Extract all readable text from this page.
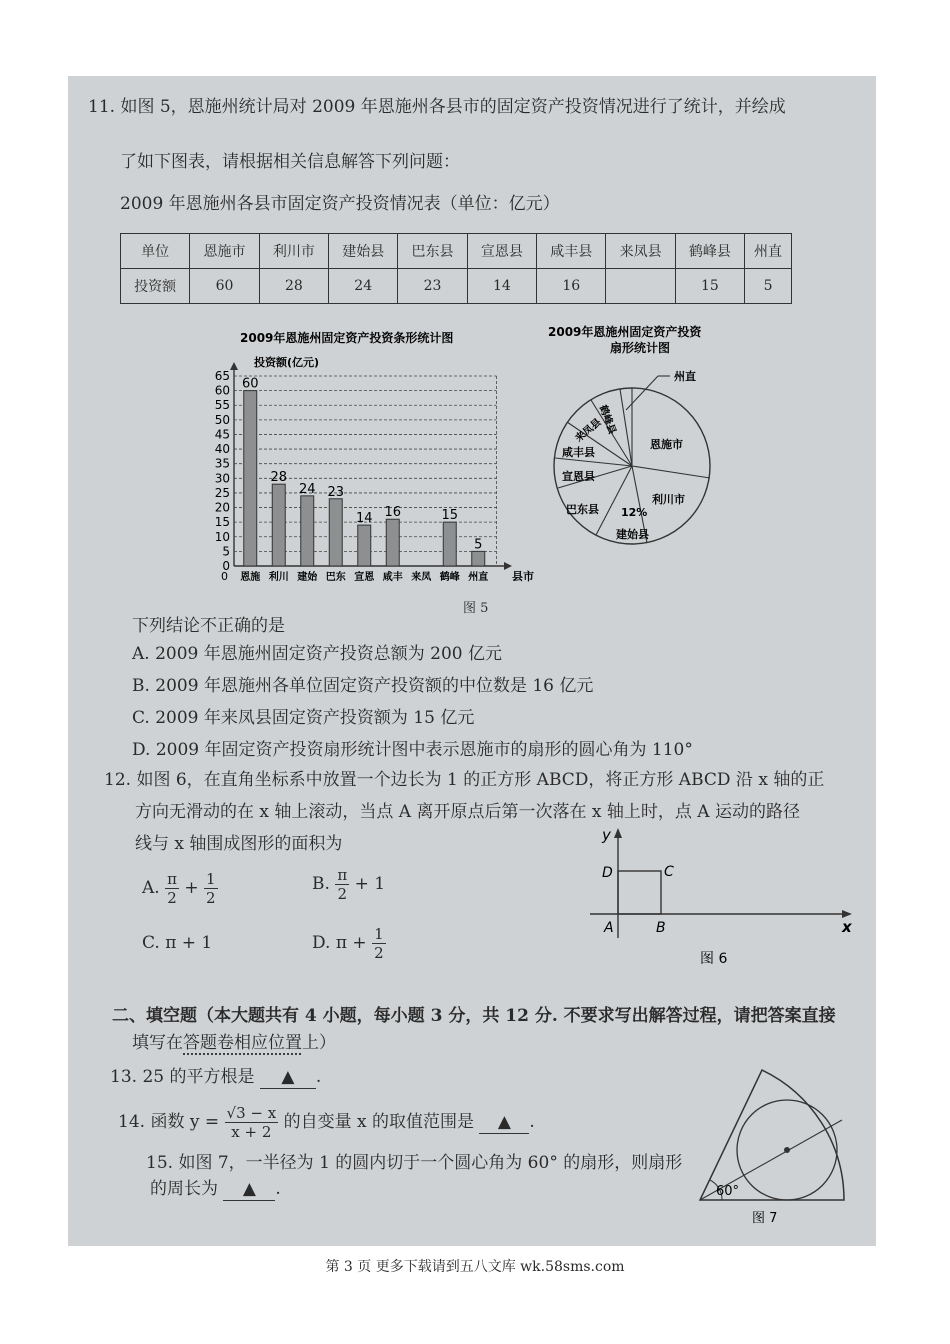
11. 如图 5，恩施州统计局对 2009 年恩施州各县市的固定资产投资情况进行了统计，并绘成
了如下图表，请根据相关信息解答下列问题：
2009 年恩施州各县市固定资产投资情况表（单位：亿元）
单位	恩施市	利川市	建始县	巴东县	宣恩县	咸丰县	来凤县	鹤峰县	州直
投资额	60	28	24	23	14	16		15	5
2009年恩施州固定资产投资条形统计图
投资额(亿元)
县市
0
5
10
15
20
25
30
35
40
45
50
55
60
65
60
恩施
28
利川
24
建始
23
巴东
14
宣恩
16
咸丰 来凤
15
鹤峰
5
州直
0
2009年恩施州固定资产投资
扇形统计图
州直
恩施市
利川市
建始县
巴东县 12%
宣恩县
咸丰县
来凤县
鹤峰县
图 5
下列结论不正确的是
A. 2009 年恩施州固定资产投资总额为 200 亿元
B. 2009 年恩施州各单位固定资产投资额的中位数是 16 亿元
C. 2009 年来凤县固定资产投资额为 15 亿元
D. 2009 年固定资产投资扇形统计图中表示恩施市的扇形的圆心角为 110°
12. 如图 6，在直角坐标系中放置一个边长为 1 的正方形 ABCD，将正方形 ABCD 沿 x 轴的正
方向无滑动的在 x 轴上滚动，当点 A 离开原点后第一次落在 x 轴上时，点 A 运动的路径
线与 x 轴围成图形的面积为
A. $\frac{\pi}{2} + \frac{1}{2}$	B. $\frac{\pi}{2} + 1$
C. π + 1	D. $\pi + \frac{1}{2}$
y
x
D	C
A	B
图 6
二、填空题（本大题共有 4 小题，每小题 3 分，共 12 分. 不要求写出解答过程，请把答案直接
填写在答题卷相应位置上）
13. 25 的平方根是 ▲ .
14. 函数 $y = \frac{√3 - x}{x + 2}$ 的自变量 x 的取值范围是 ▲ .
15. 如图 7，一半径为 1 的圆内切于一个圆心角为 60° 的扇形，则扇形
的周长为 ▲ .	60°
图 7
第 3 页 更多下载请到五八文库 wk.58sms.com
